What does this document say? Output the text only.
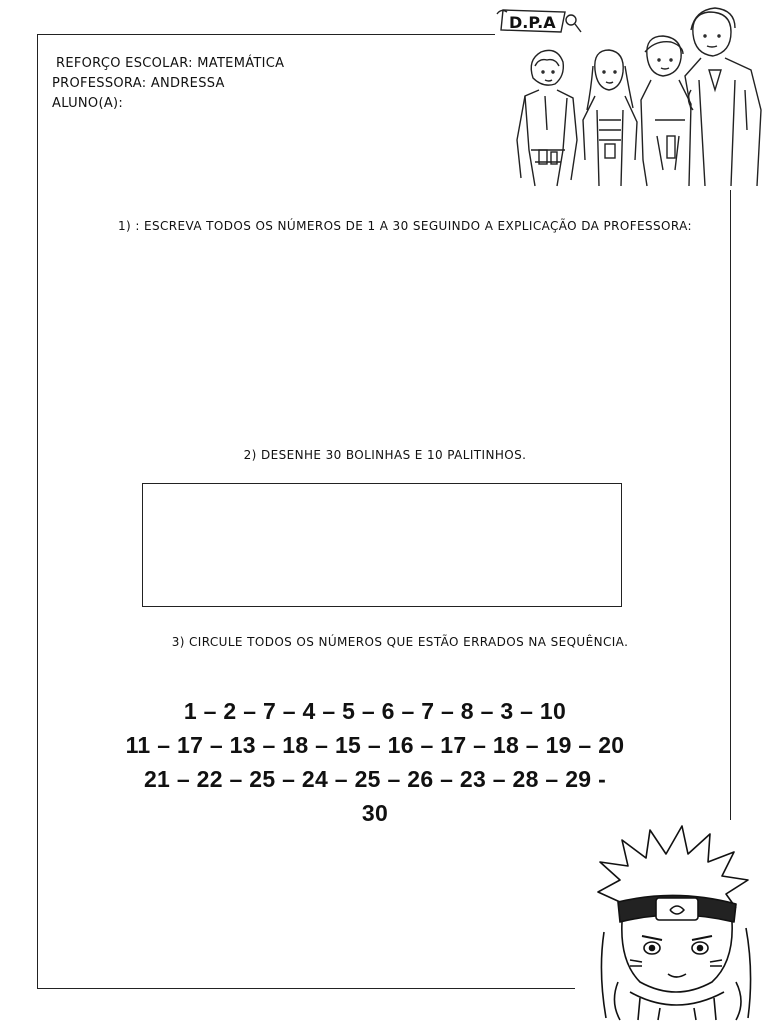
REFORÇO ESCOLAR: MATEMÁTICA
PROFESSORA: ANDRESSA
ALUNO(A):
D.P.A
1) : ESCREVA TODOS OS NÚMEROS DE 1 A 30 SEGUINDO A EXPLICAÇÃO DA PROFESSORA:
2) DESENHE 30 BOLINHAS E 10 PALITINHOS.
3) CIRCULE TODOS OS NÚMEROS QUE ESTÃO ERRADOS NA SEQUÊNCIA.
1 – 2 – 7 – 4 – 5 – 6 – 7 – 8 – 3 – 10
11 – 17 – 13 – 18 – 15 – 16 – 17 – 18 – 19 – 20
21 – 22 – 25 – 24 – 25 – 26 – 23 – 28 – 29 -
30
